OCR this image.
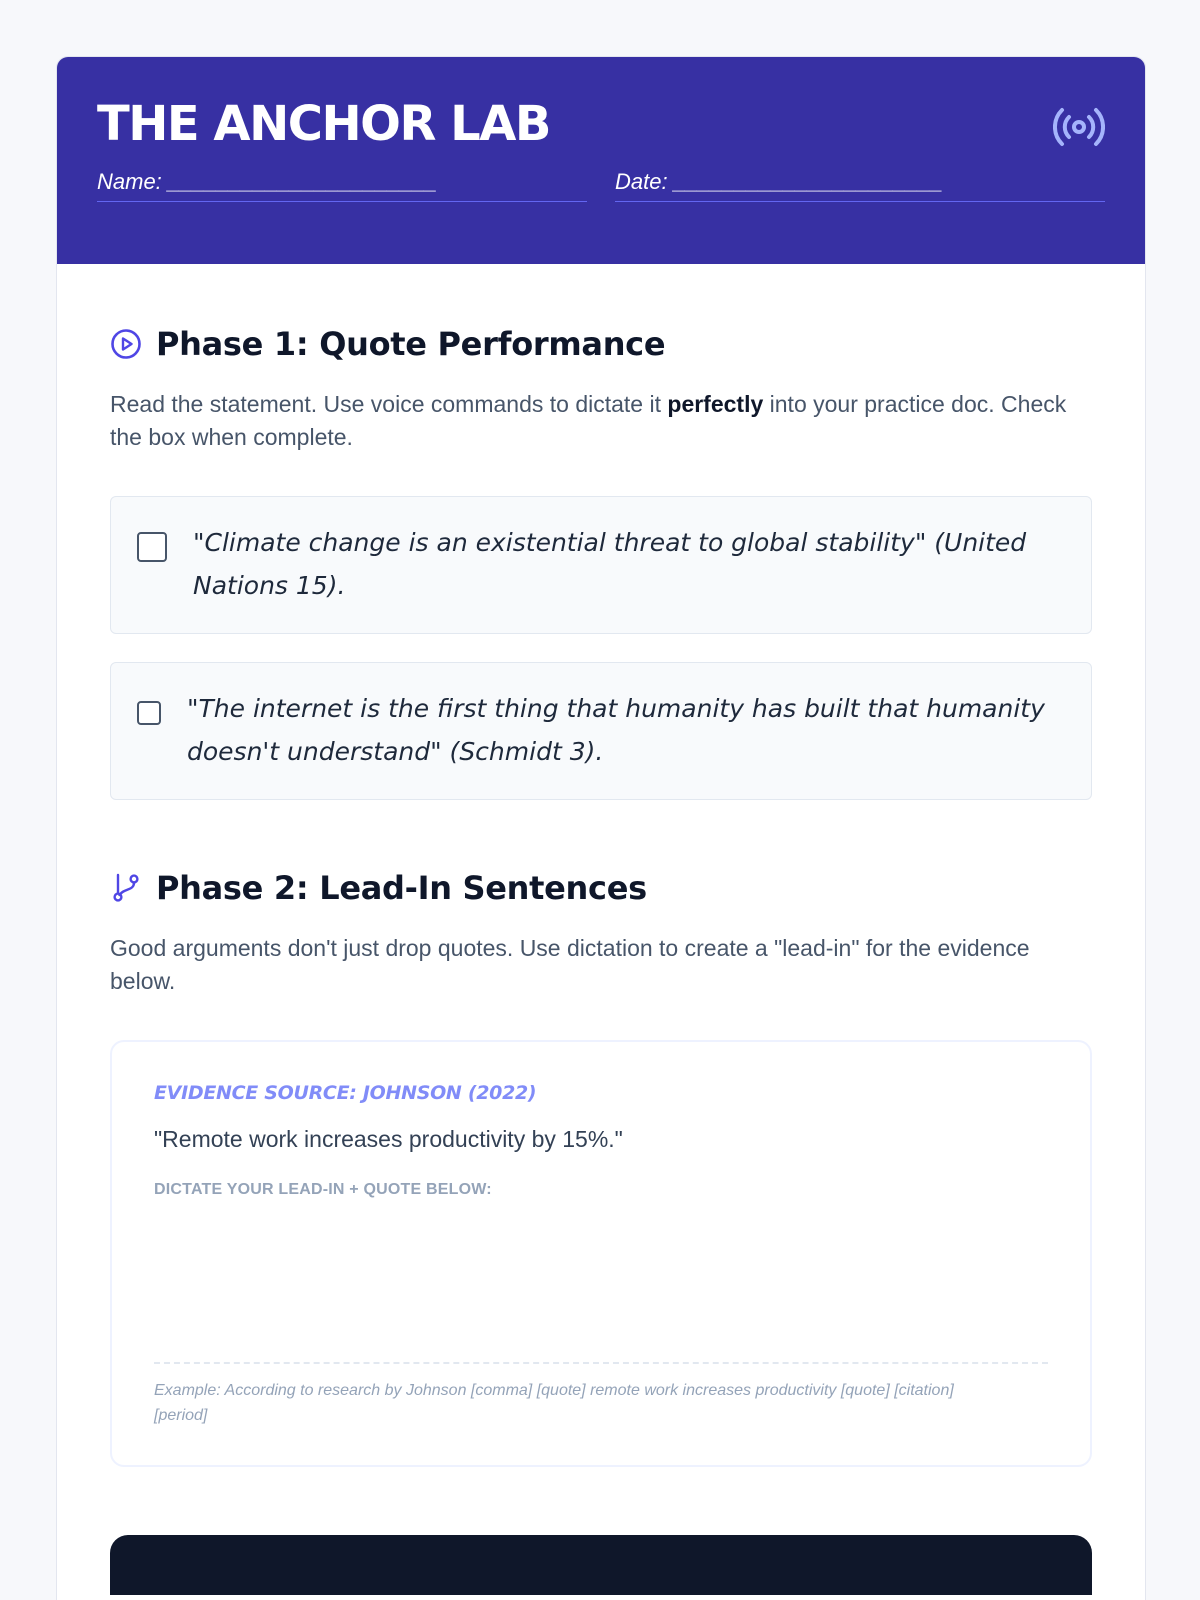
THE ANCHOR LAB
Name: ______________________	Date: ______________________
Phase 1: Quote Performance

Read the statement. Use voice commands to dictate it perfectly into your practice doc. Check the box when complete.

"Climate change is an existential threat to global stability" (United Nations 15).
"The internet is the first thing that humanity has built that humanity doesn't understand" (Schmidt 3).
Phase 2: Lead-In Sentences

Good arguments don't just drop quotes. Use dictation to create a "lead-in" for the evidence below.

EVIDENCE SOURCE: JOHNSON (2022)
"Remote work increases productivity by 15%."
DICTATE YOUR LEAD-IN + QUOTE BELOW:
Example: According to research by Johnson [comma] [quote] remote work increases productivity [quote] [citation] [period]
